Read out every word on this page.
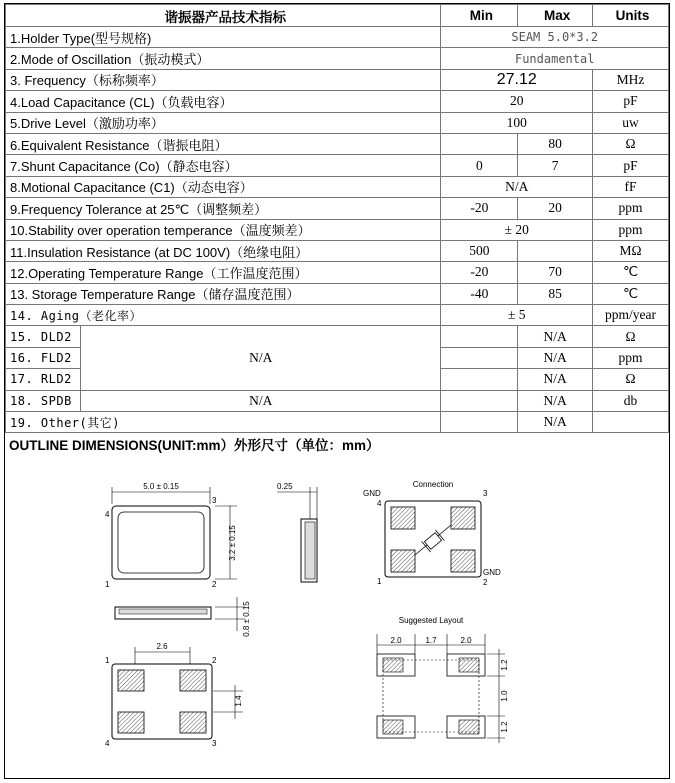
谐振器产品技术指标		Min	Max	Units
1.Holder Type(型号规格)		SEAM 5.0*3.2		
2.Mode of Oscillation（振动模式）		Fundamental		
3. Frequency（标称频率）		27.12		MHz
4.Load Capacitance (CL)（负载电容）		20		pF
5.Drive Level（激励功率）		100		uw
6.Equivalent Resistance（谐振电阻）			80	Ω
7.Shunt Capacitance (Co)（静态电容）		0	7	pF
8.Motional Capacitance (C1)（动态电容）		N/A		fF
9.Frequency Tolerance at 25℃（调整频差）		-20	20	ppm
10.Stability over operation temperance（温度频差）		± 20		ppm
11.Insulation Resistance (at DC 100V)（绝缘电阻）		500		MΩ
12.Operating Temperature Range（工作温度范围）		-20	70	℃
13. Storage Temperature Range（储存温度范围）		-40	85	℃
14. Aging（老化率）		± 5		ppm/year
15. DLD2	N/A		N/A	Ω
16. FLD2			N/A	ppm
17. RLD2			N/A	Ω
18. SPDB	N/A		N/A	db
19. Other(其它)			N/A	
OUTLINE DIMENSIONS(UNIT:mm）外形尺寸（单位：mm）
5.0 ± 0.15
4
3
1	2
3.2 ± 0.15
0.25
0.8 ± 0.15
2.6
1	2
4	3
1.4
Connection
GND
4
3
1
GND
2
Suggested Layout
2.0	1.7	2.0
1.2
1.0
1.2
